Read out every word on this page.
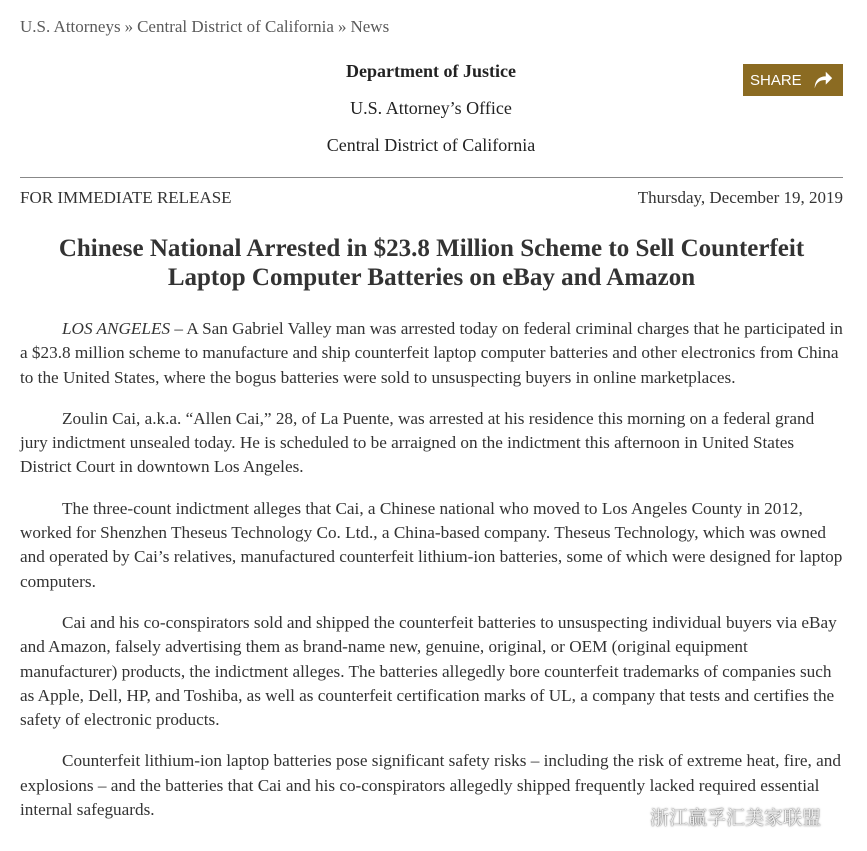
U.S. Attorneys » Central District of California » News

Department of Justice

U.S. Attorney’s Office

Central District of California

SHARE
FOR IMMEDIATE RELEASE	Thursday, December 19, 2019
Chinese National Arrested in $23.8 Million Scheme to Sell Counterfeit Laptop Computer Batteries on eBay and Amazon

LOS ANGELES – A San Gabriel Valley man was arrested today on federal criminal charges that he participated in a $23.8 million scheme to manufacture and ship counterfeit laptop computer batteries and other electronics from China to the United States, where the bogus batteries were sold to unsuspecting buyers in online marketplaces.

Zoulin Cai, a.k.a. “Allen Cai,” 28, of La Puente, was arrested at his residence this morning on a federal grand jury indictment unsealed today. He is scheduled to be arraigned on the indictment this afternoon in United States District Court in downtown Los Angeles.

The three-count indictment alleges that Cai, a Chinese national who moved to Los Angeles County in 2012, worked for Shenzhen Theseus Technology Co. Ltd., a China-based company. Theseus Technology, which was owned and operated by Cai’s relatives, manufactured counterfeit lithium-ion batteries, some of which were designed for laptop computers.

Cai and his co-conspirators sold and shipped the counterfeit batteries to unsuspecting individual buyers via eBay and Amazon, falsely advertising them as brand-name new, genuine, original, or OEM (original equipment manufacturer) products, the indictment alleges. The batteries allegedly bore counterfeit trademarks of companies such as Apple, Dell, HP, and Toshiba, as well as counterfeit certification marks of UL, a company that tests and certifies the safety of electronic products.

Counterfeit lithium-ion laptop batteries pose significant safety risks – including the risk of extreme heat, fire, and explosions – and the batteries that Cai and his co-conspirators allegedly shipped frequently lacked required essential internal safeguards.	浙江赢孚汇美家联盟
